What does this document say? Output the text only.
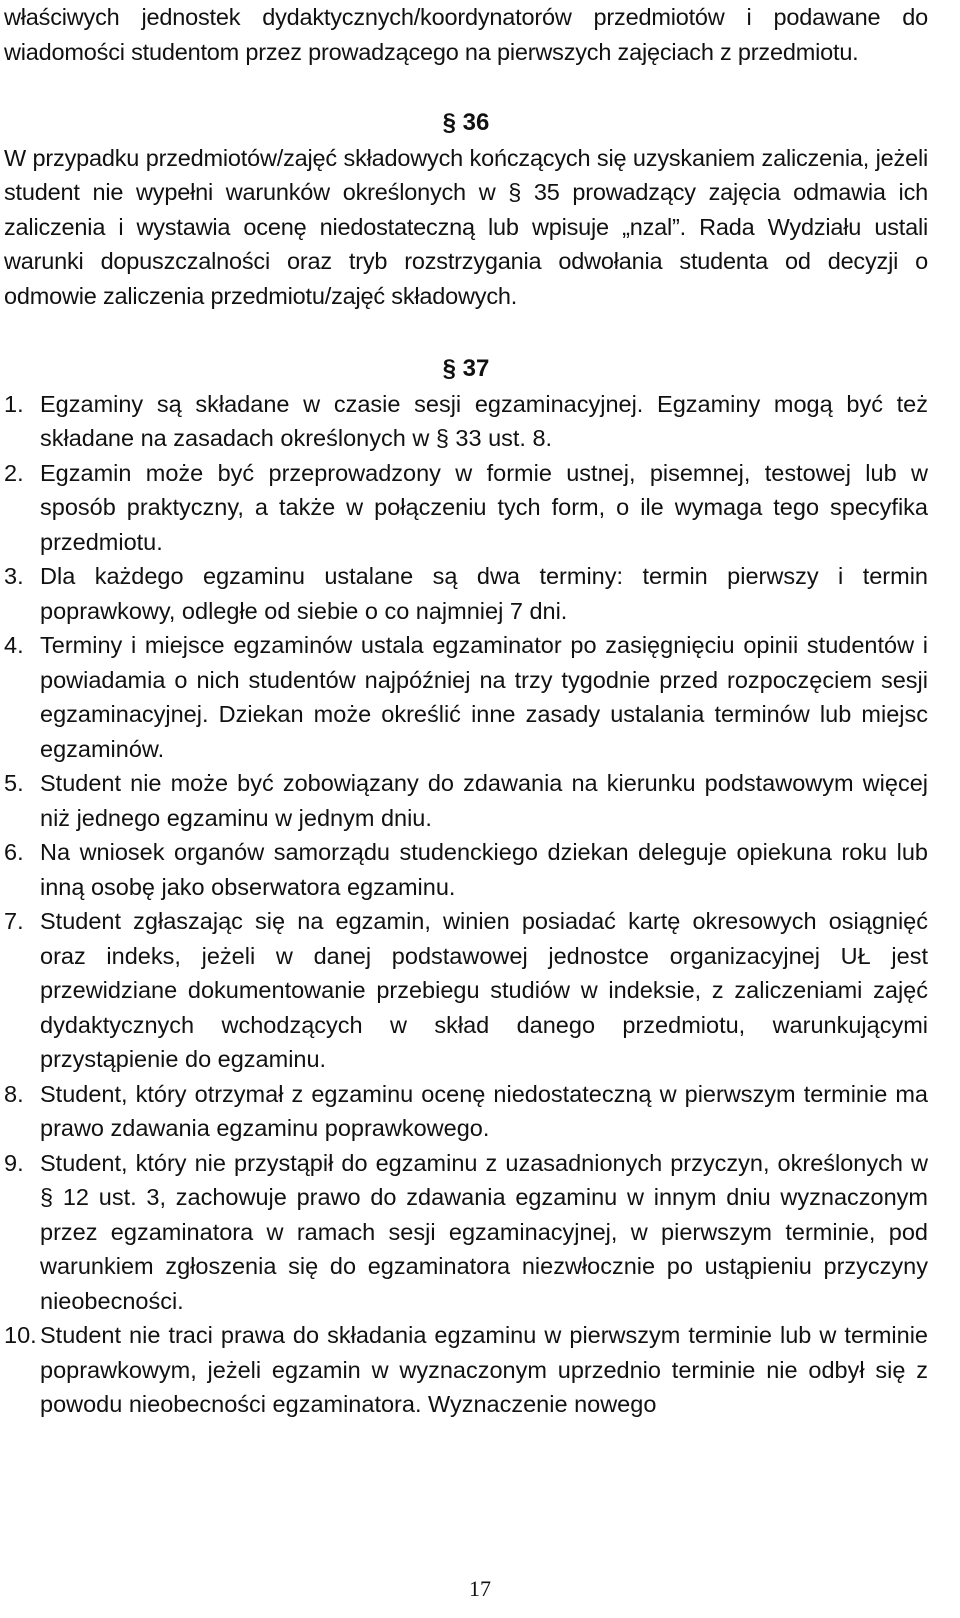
właściwych jednostek dydaktycznych/koordynatorów przedmiotów i podawane do wiadomości studentom przez prowadzącego na pierwszych zajęciach z przedmiotu.

§ 36

W przypadku przedmiotów/zajęć składowych kończących się uzyskaniem zaliczenia, jeżeli student nie wypełni warunków określonych w § 35 prowadzący zajęcia odmawia ich zaliczenia i wystawia ocenę niedostateczną lub wpisuje „nzal”. Rada Wydziału ustali warunki dopuszczalności oraz tryb rozstrzygania odwołania studenta od decyzji o odmowie zaliczenia przedmiotu/zajęć składowych.

§ 37
1. Egzaminy są składane w czasie sesji egzaminacyjnej. Egzaminy mogą być też składane na zasadach określonych w § 33 ust. 8.
2. Egzamin może być przeprowadzony w formie ustnej, pisemnej, testowej lub w sposób praktyczny, a także w połączeniu tych form, o ile wymaga tego specyfika przedmiotu.
3. Dla każdego egzaminu ustalane są dwa terminy: termin pierwszy i termin poprawkowy, odległe od siebie o co najmniej 7 dni.
4. Terminy i miejsce egzaminów ustala egzaminator po zasięgnięciu opinii studentów i powiadamia o nich studentów najpóźniej na trzy tygodnie przed rozpoczęciem sesji egzaminacyjnej. Dziekan może określić inne zasady ustalania terminów lub miejsc egzaminów.
5. Student nie może być zobowiązany do zdawania na kierunku podstawowym więcej niż jednego egzaminu w jednym dniu.
6. Na wniosek organów samorządu studenckiego dziekan deleguje opiekuna roku lub inną osobę jako obserwatora egzaminu.
7. Student zgłaszając się na egzamin, winien posiadać kartę okresowych osiągnięć oraz indeks, jeżeli w danej podstawowej jednostce organizacyjnej UŁ jest przewidziane dokumentowanie przebiegu studiów w indeksie, z zaliczeniami zajęć dydaktycznych wchodzących w skład danego przedmiotu, warunkującymi przystąpienie do egzaminu.
8. Student, który otrzymał z egzaminu ocenę niedostateczną w pierwszym terminie ma prawo zdawania egzaminu poprawkowego.
9. Student, który nie przystąpił do egzaminu z uzasadnionych przyczyn, określonych w § 12 ust. 3, zachowuje prawo do zdawania egzaminu w innym dniu wyznaczonym przez egzaminatora w ramach sesji egzaminacyjnej, w pierwszym terminie, pod warunkiem zgłoszenia się do egzaminatora niezwłocznie po ustąpieniu przyczyny nieobecności.
10. Student nie traci prawa do składania egzaminu w pierwszym terminie lub w terminie poprawkowym, jeżeli egzamin w wyznaczonym uprzednio terminie nie odbył się z powodu nieobecności egzaminatora. Wyznaczenie nowego
17
